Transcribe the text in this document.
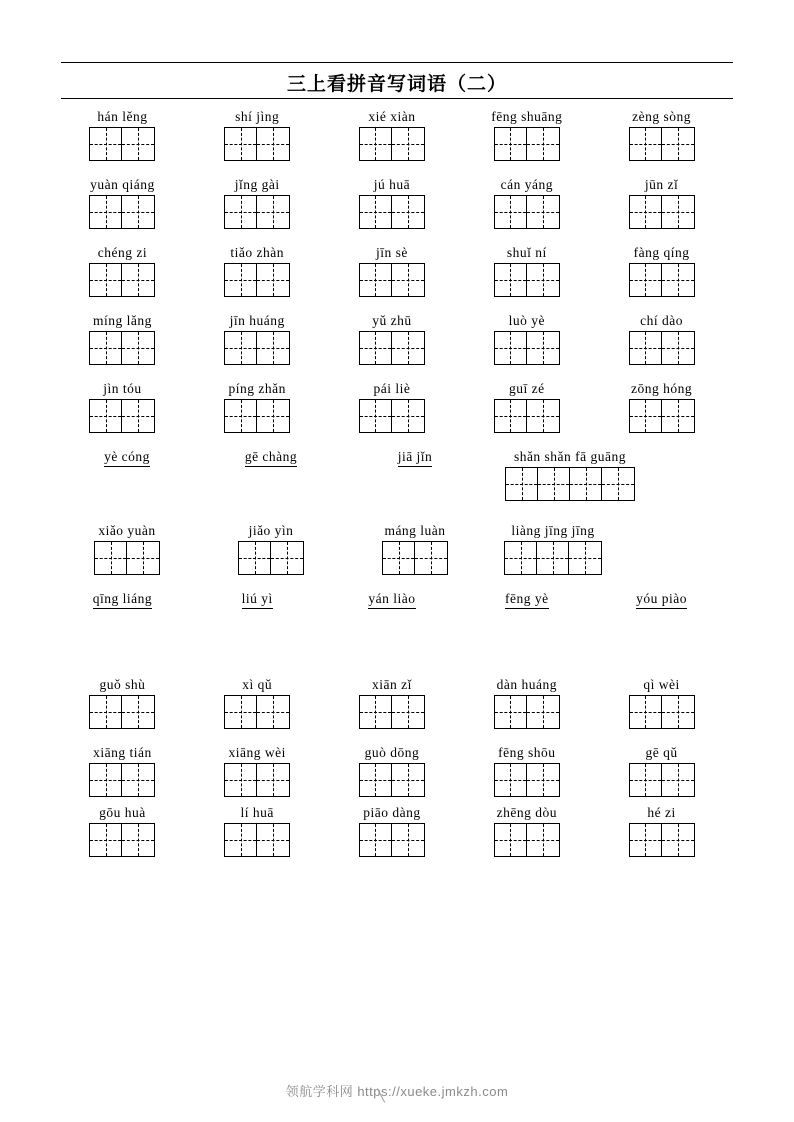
三上看拼音写词语（二）
hán lěng	shí jìng	xié xiàn	fēng shuāng	zèng sòng
yuàn qiáng	jǐng gài	jú huā	cán yáng	jūn zǐ
chéng zi	tiǎo zhàn	jīn sè	shuǐ ní	fàng qíng
míng lǎng	jīn huáng	yǔ zhū	luò yè	chí dào
jìn tóu	píng zhǎn	pái liè	guī zé	zōng hóng
yè cóng	gē chàng	jiā jǐn	shǎn shǎn fā guāng
xiǎo yuàn	jiǎo yìn	máng luàn	liàng jīng jīng
qīng liáng	liú yì	yán liào	fēng yè	yóu piào
guǒ shù	xì qǔ	xiān zǐ	dàn huáng	qì wèi
xiāng tián	xiāng wèi	guò dōng	fēng shōu	gē qǔ
gōu huà	lí huā	piāo dàng	zhēng dòu	hé zi
领航学科网 https://xueke.jmkzh.com
